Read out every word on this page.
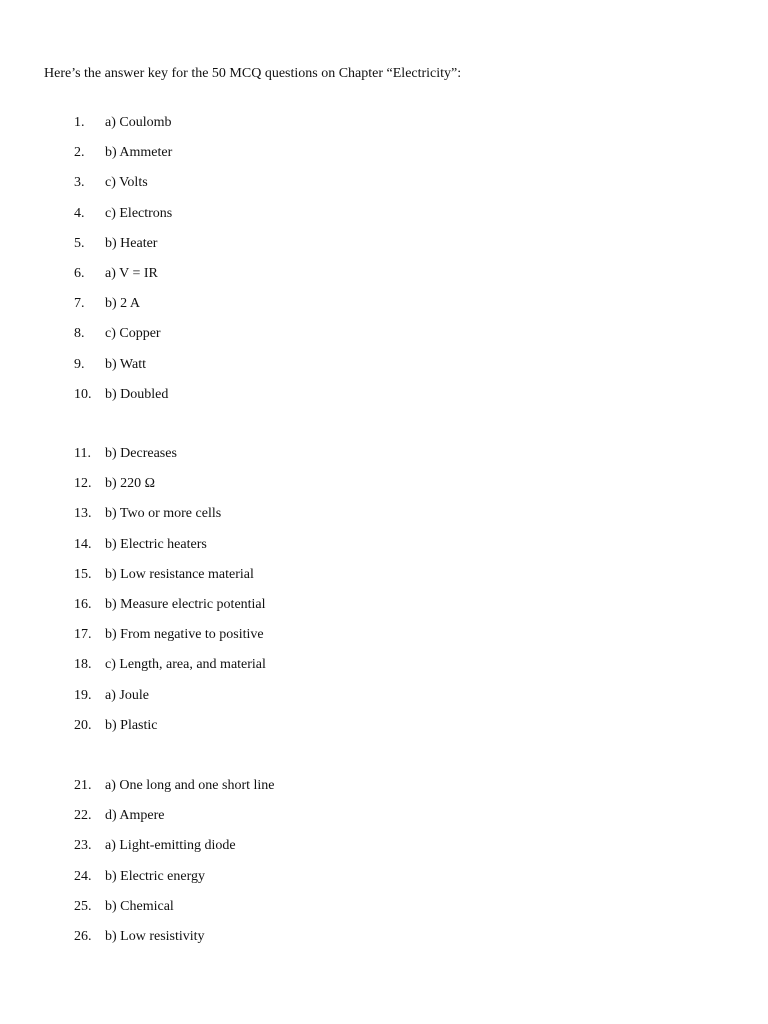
Here’s the answer key for the 50 MCQ questions on Chapter “Electricity”:
1. a) Coulomb
2. b) Ammeter
3. c) Volts
4. c) Electrons
5. b) Heater
6. a) V = IR
7. b) 2 A
8. c) Copper
9. b) Watt
10. b) Doubled
11. b) Decreases
12. b) 220 Ω
13. b) Two or more cells
14. b) Electric heaters
15. b) Low resistance material
16. b) Measure electric potential
17. b) From negative to positive
18. c) Length, area, and material
19. a) Joule
20. b) Plastic
21. a) One long and one short line
22. d) Ampere
23. a) Light-emitting diode
24. b) Electric energy
25. b) Chemical
26. b) Low resistivity
